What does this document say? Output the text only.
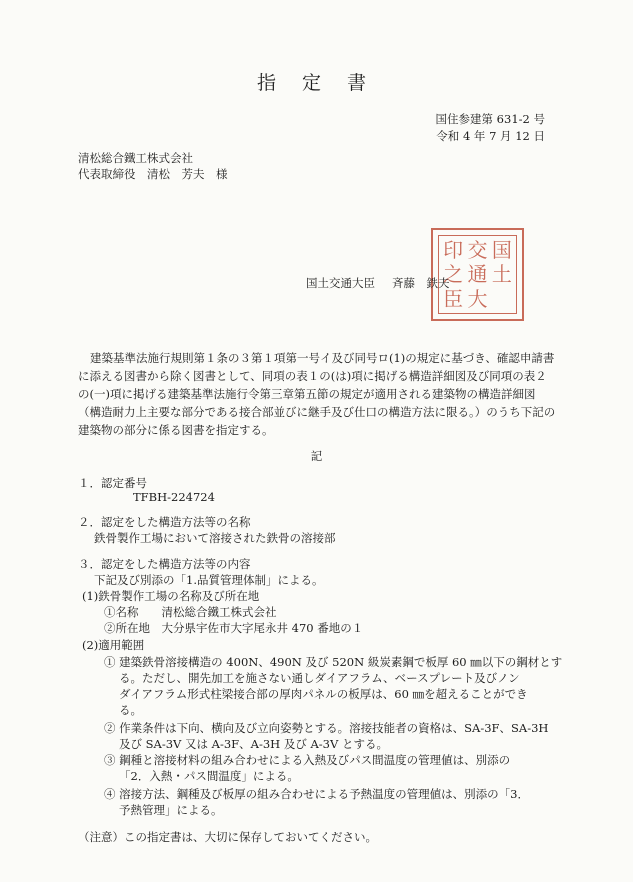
指 定 書
国住参建第 631-2 号
令和 4 年 7 月 12 日
清松総合鐵工株式会社
代表取締役　清松　芳夫　様
印 交 国
之 通 土
臣 大
国土交通大臣 斉藤　鉄夫
建築基準法施行規則第１条の３第１項第一号イ及び同号ロ(1)の規定に基づき、確認申請書に添える図書から除く図書として、同項の表１の(は)項に掲げる構造詳細図及び同項の表２の(一)項に掲げる建築基準法施行令第三章第五節の規定が適用される建築物の構造詳細図（構造耐力上主要な部分である接合部並びに継手及び仕口の構造方法に限る。）のうち下記の建築物の部分に係る図書を指定する。
記
１．認定番号
TFBH-224724
２．認定をした構造方法等の名称
鉄骨製作工場において溶接された鉄骨の溶接部
３．認定をした構造方法等の内容
下記及び別添の「1.品質管理体制」による。
(1)鉄骨製作工場の名称及び所在地
①名称　　清松総合鐵工株式会社
②所在地　大分県宇佐市大字尾永井 470 番地の１
(2)適用範囲
① 建築鉄骨溶接構造の 400N、490N 及び 520N 級炭素鋼で板厚 60 ㎜以下の鋼材とす
る。ただし、開先加工を施さない通しダイアフラム、ベースプレート及びノン
ダイアフラム形式柱梁接合部の厚肉パネルの板厚は、60 ㎜を超えることができ
る。
② 作業条件は下向、横向及び立向姿勢とする。溶接技能者の資格は、SA-3F、SA-3H
及び SA-3V 又は A-3F、A-3H 及び A-3V とする。
③ 鋼種と溶接材料の組み合わせによる入熱及びパス間温度の管理値は、別添の
「2．入熱・パス間温度」による。
④ 溶接方法、鋼種及び板厚の組み合わせによる予熱温度の管理値は、別添の「3．
予熱管理」による。
（注意）この指定書は、大切に保存しておいてください。
